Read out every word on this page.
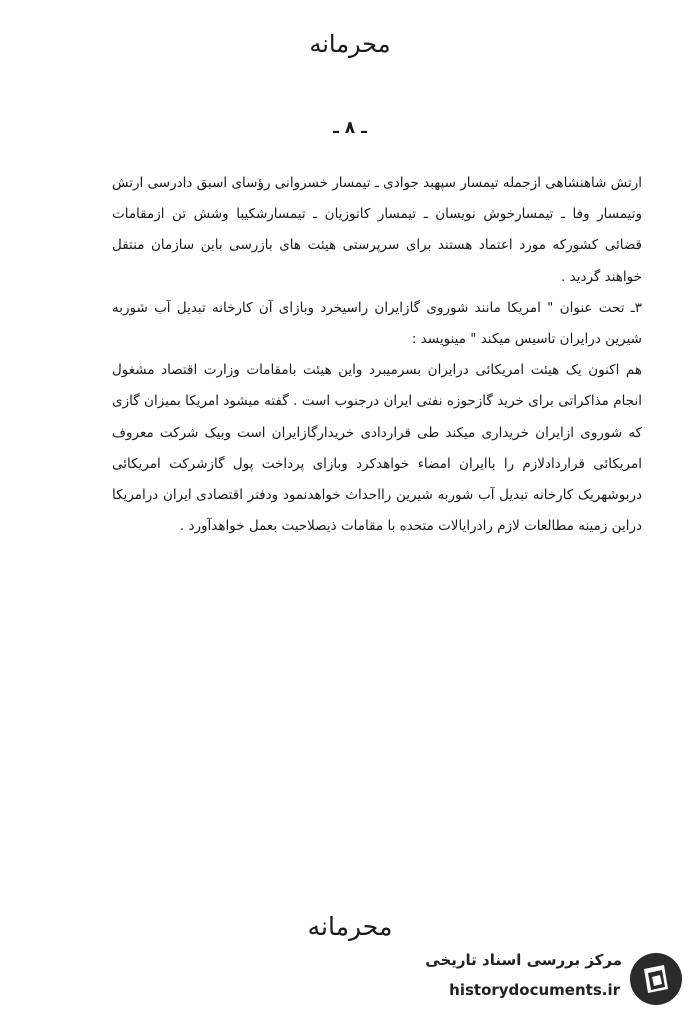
محرمانه
ـ ٨ ـ

ارتش شاهنشاهی ازجمله تیمسار سپهبد جوادی ـ تیمسار خسروانی رؤسای اسبق دادرسی ارتش وتیمسار وفا ـ تیمسارخوش نویسان ـ تیمسار کاتوزیان ـ تیمسارشکیبا وشش تن ازمقامات قضائی کشورکه مورد اعتماد هستند برای سرپرستی هیئت های بازرسی باین سازمان منتقل خواهند گردید .

۳ـ تحت عنوان " امریکا مانند شوروی گازایران راسیخرد وبازای آن کارخانه تبدیل آب شوربه شیرین درایران تاسیس میکند " مینویسد :

هم اکنون یک هیئت امریکائی درایران بسرمیبرد واین هیئت بامقامات وزارت اقتصاد مشغول انجام مذاکراتی برای خرید گازحوزه نفتی ایران درجنوب است . گفته میشود امریکا بمیزان گازی که شوروی ازایران خریداری میکند طی قراردادی خریدارگازایران است وبیک شرکت معروف امریکائی قراردادلازم را باایران امضاء خواهدکرد وبازای پرداخت پول گازشرکت امریکائی دربوشهریک کارخانه تبدیل آب شوربه شیرین رااحداث خواهدنمود ودفتر اقتصادی ایران درامریکا دراین زمینه مطالعات لازم رادرایالات متحده با مقامات ذیصلاحیت بعمل خواهدآورد .

محرمانه
مرکز بررسی اسناد تاریخی
historydocuments.ir
